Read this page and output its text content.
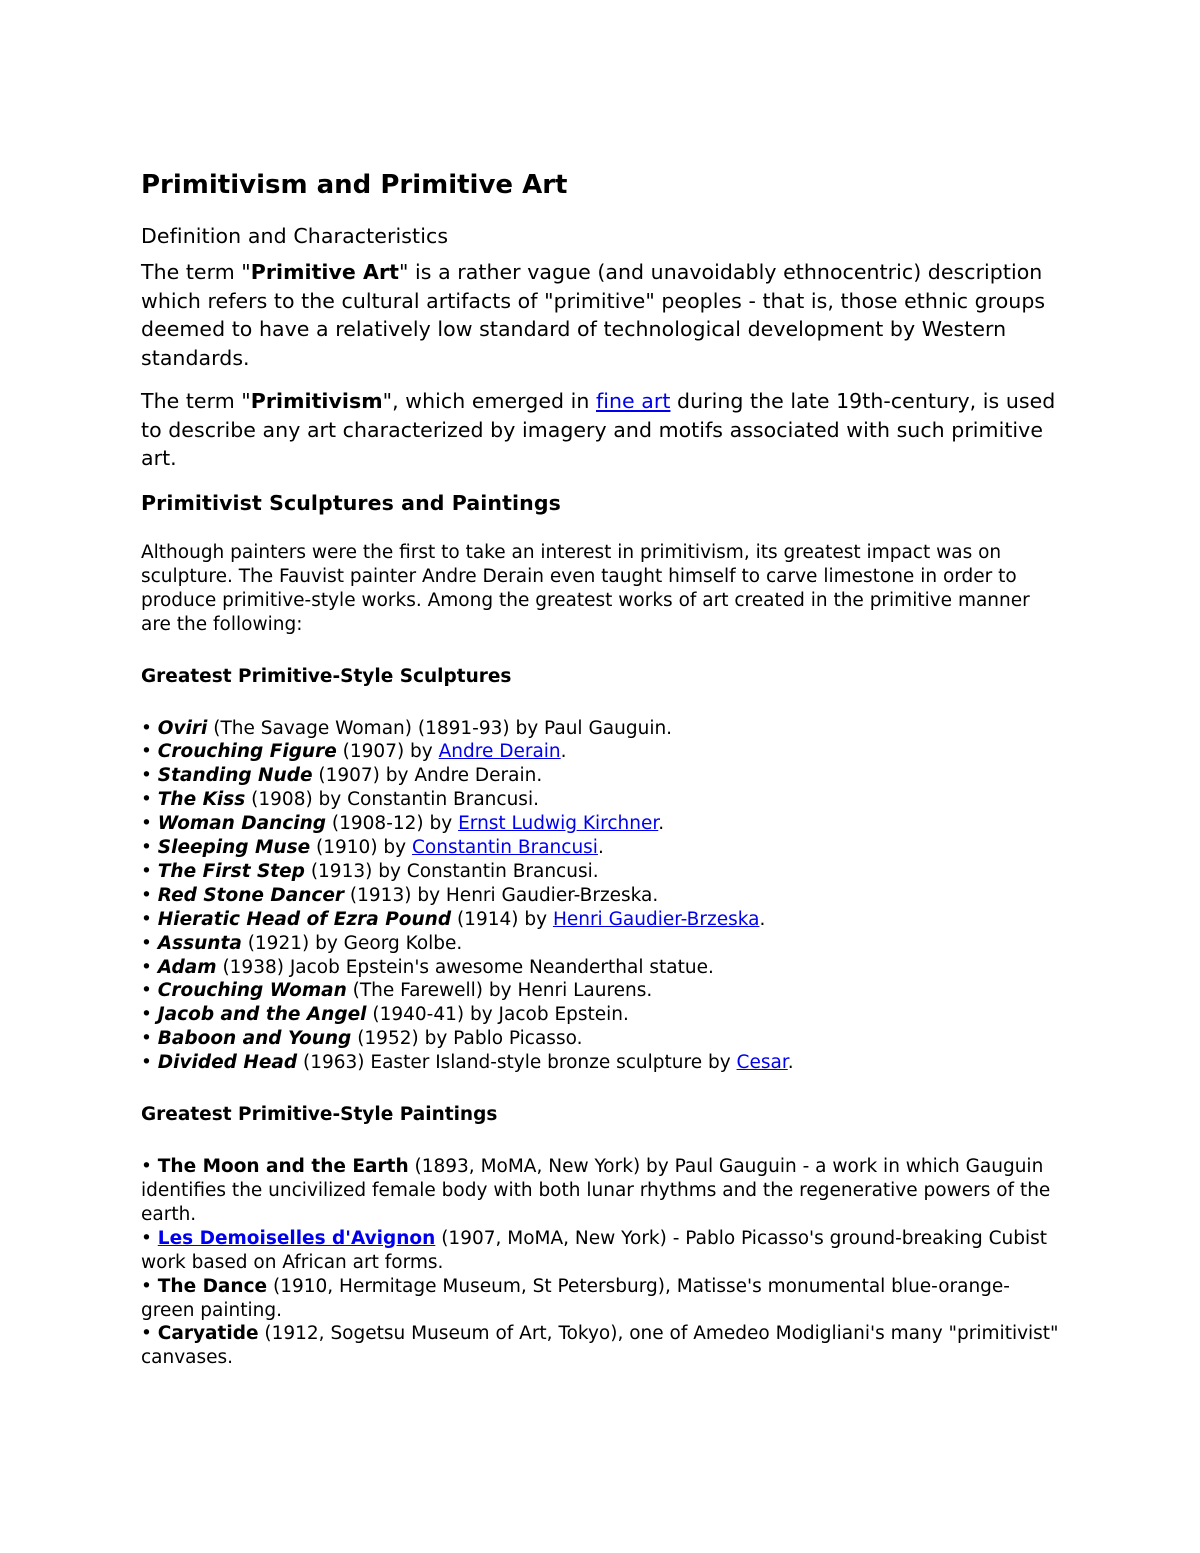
Primitivism and Primitive Art
Definition and Characteristics

The term "Primitive Art" is a rather vague (and unavoidably ethnocentric) description which refers to the cultural artifacts of "primitive" peoples - that is, those ethnic groups deemed to have a relatively low standard of technological development by Western standards.

The term "Primitivism", which emerged in fine art during the late 19th-century, is used to describe any art characterized by imagery and motifs associated with such primitive art.

Primitivist Sculptures and Paintings

Although painters were the first to take an interest in primitivism, its greatest impact was on sculpture. The Fauvist painter Andre Derain even taught himself to carve limestone in order to produce primitive-style works. Among the greatest works of art created in the primitive manner are the following:

Greatest Primitive-Style Sculptures
• Oviri (The Savage Woman) (1891-93) by Paul Gauguin.
• Crouching Figure (1907) by Andre Derain.
• Standing Nude (1907) by Andre Derain.
• The Kiss (1908) by Constantin Brancusi.
• Woman Dancing (1908-12) by Ernst Ludwig Kirchner.
• Sleeping Muse (1910) by Constantin Brancusi.
• The First Step (1913) by Constantin Brancusi.
• Red Stone Dancer (1913) by Henri Gaudier-Brzeska.
• Hieratic Head of Ezra Pound (1914) by Henri Gaudier-Brzeska.
• Assunta (1921) by Georg Kolbe.
• Adam (1938) Jacob Epstein's awesome Neanderthal statue.
• Crouching Woman (The Farewell) by Henri Laurens.
• Jacob and the Angel (1940-41) by Jacob Epstein.
• Baboon and Young (1952) by Pablo Picasso.
• Divided Head (1963) Easter Island-style bronze sculpture by Cesar.
Greatest Primitive-Style Paintings
• The Moon and the Earth (1893, MoMA, New York) by Paul Gauguin - a work in which Gauguin identifies the uncivilized female body with both lunar rhythms and the regenerative powers of the earth.
• Les Demoiselles d'Avignon (1907, MoMA, New York) - Pablo Picasso's ground-breaking Cubist work based on African art forms.
• The Dance (1910, Hermitage Museum, St Petersburg), Matisse's monumental blue-orange-green painting.
• Caryatide (1912, Sogetsu Museum of Art, Tokyo), one of Amedeo Modigliani's many "primitivist" canvases.
